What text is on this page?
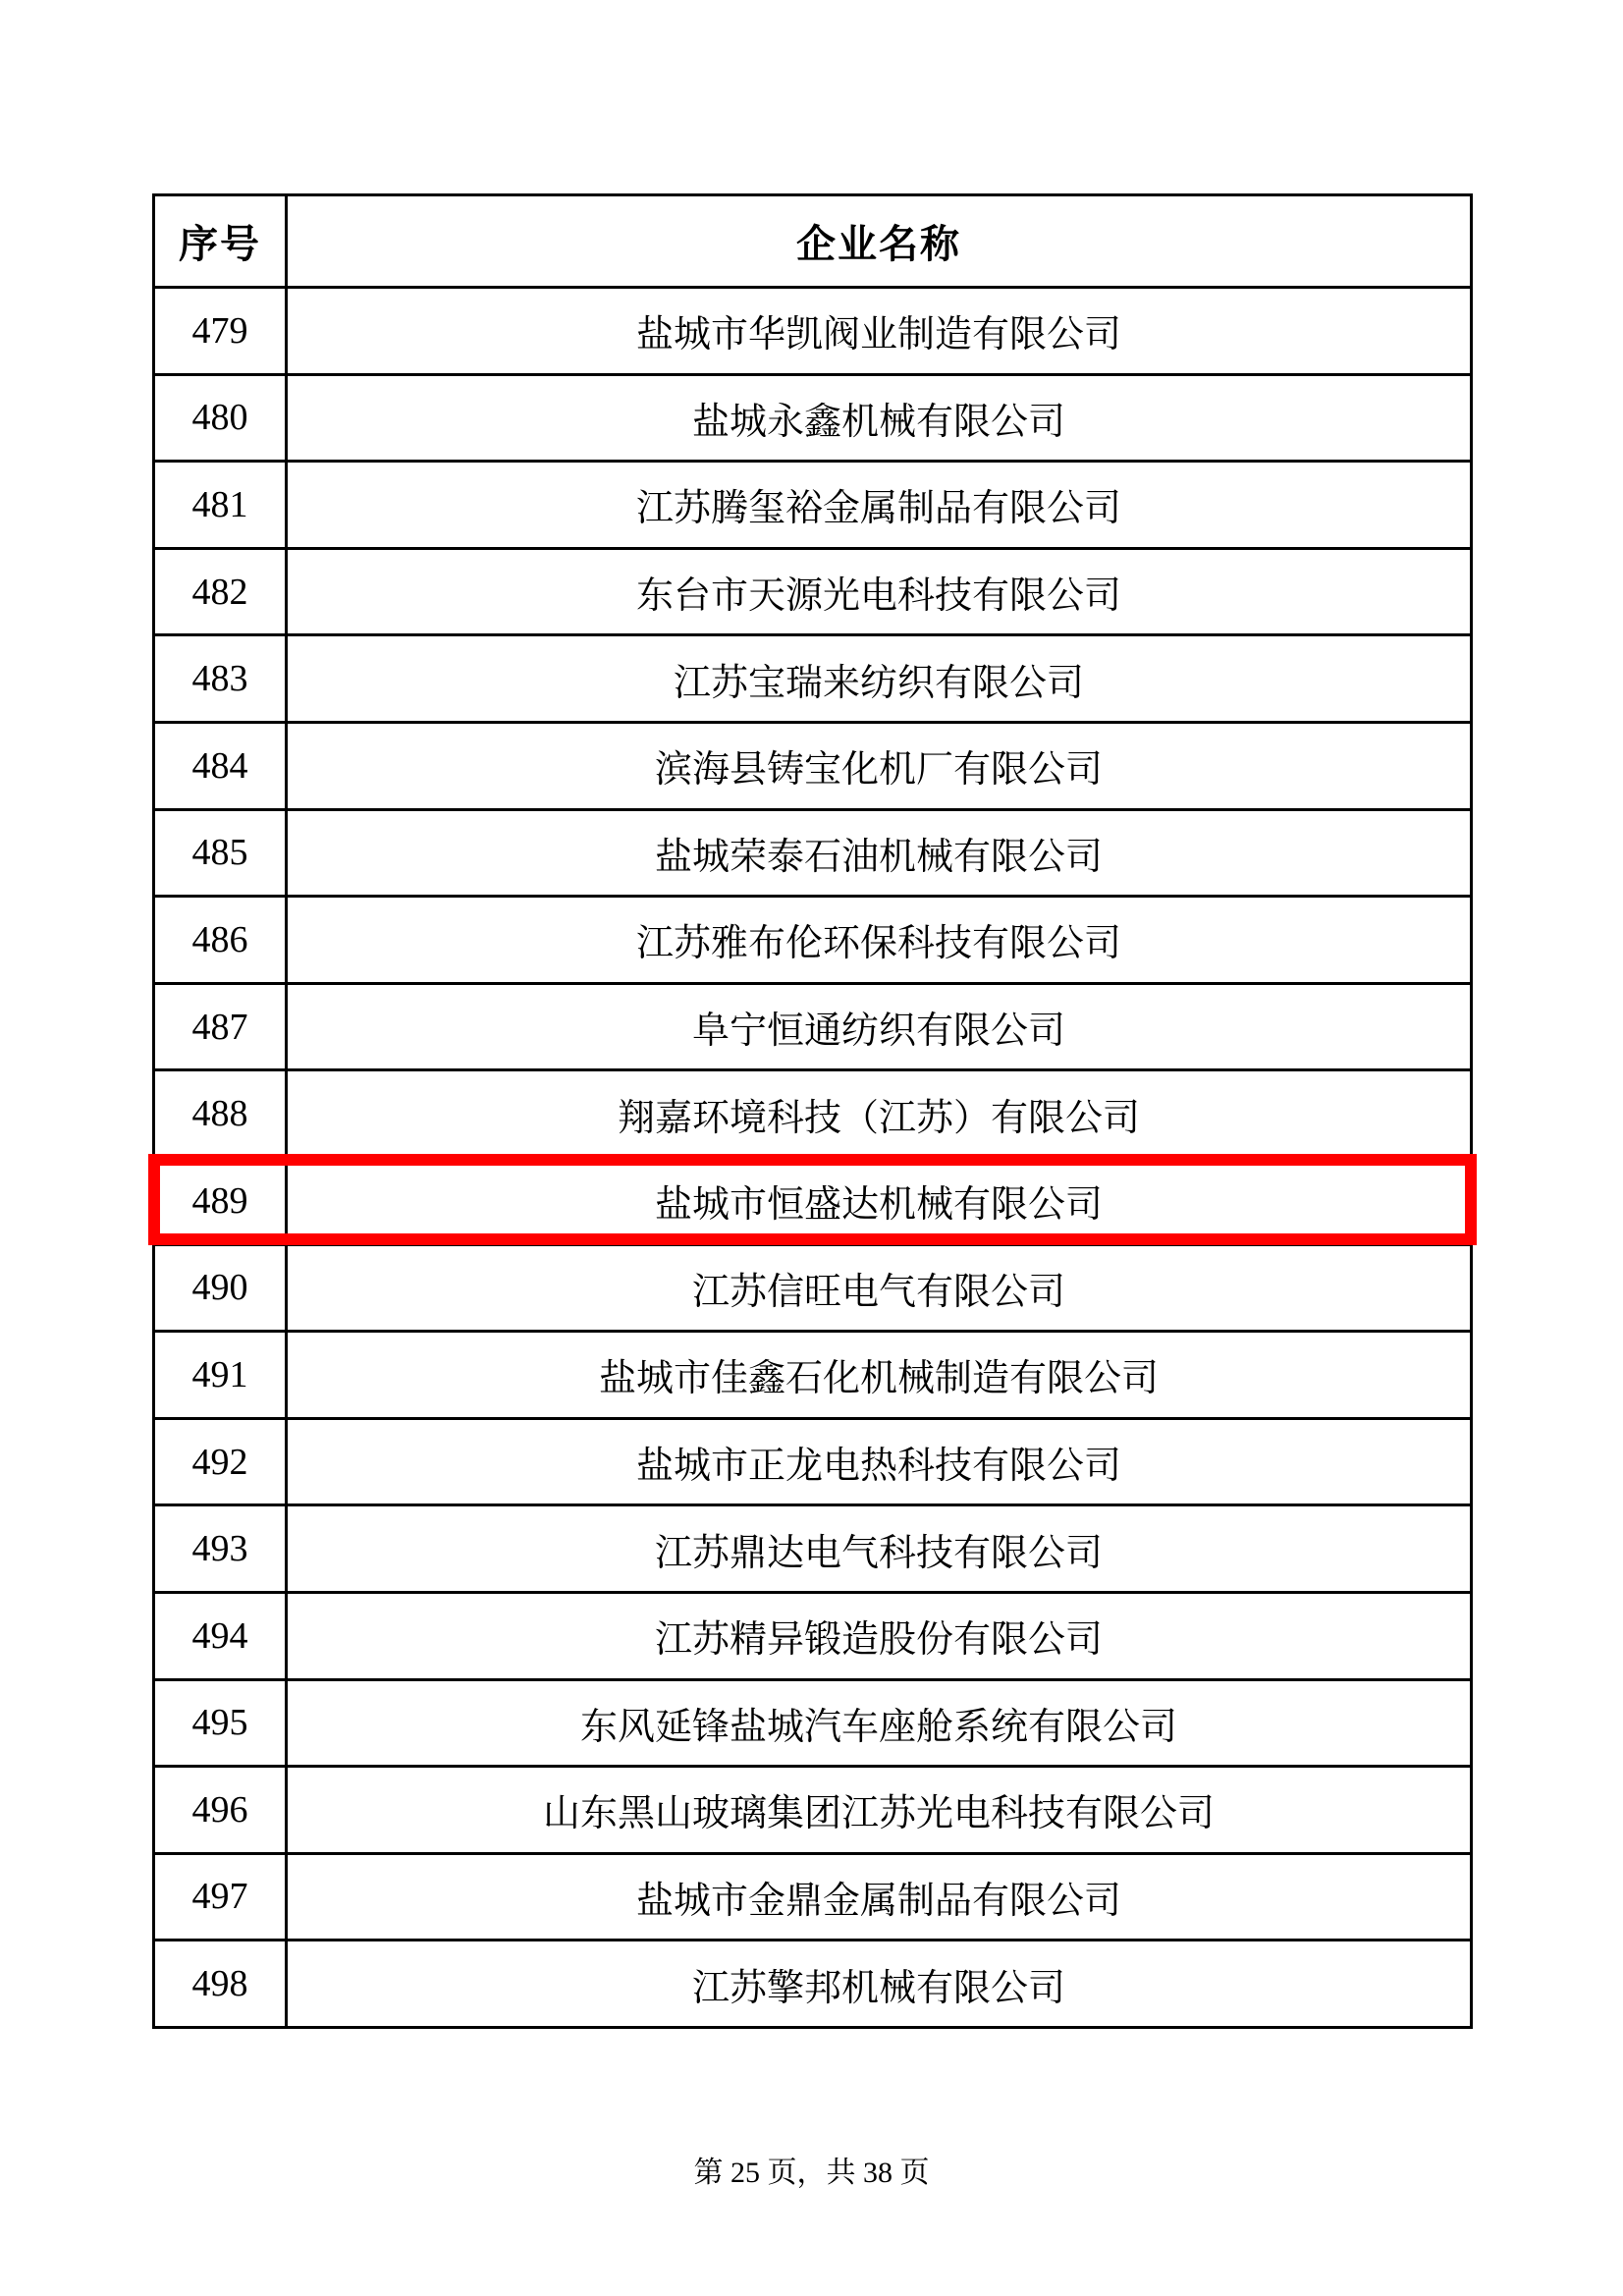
序号	企业名称
479	盐城市华凯阀业制造有限公司
480	盐城永鑫机械有限公司
481	江苏腾玺裕金属制品有限公司
482	东台市天源光电科技有限公司
483	江苏宝瑞来纺织有限公司
484	滨海县铸宝化机厂有限公司
485	盐城荣泰石油机械有限公司
486	江苏雅布伦环保科技有限公司
487	阜宁恒通纺织有限公司
488	翔嘉环境科技（江苏）有限公司
489	盐城市恒盛达机械有限公司
490	江苏信旺电气有限公司
491	盐城市佳鑫石化机械制造有限公司
492	盐城市正龙电热科技有限公司
493	江苏鼎达电气科技有限公司
494	江苏精异锻造股份有限公司
495	东风延锋盐城汽车座舱系统有限公司
496	山东黑山玻璃集团江苏光电科技有限公司
497	盐城市金鼎金属制品有限公司
498	江苏擎邦机械有限公司
第 25 页，共 38 页
